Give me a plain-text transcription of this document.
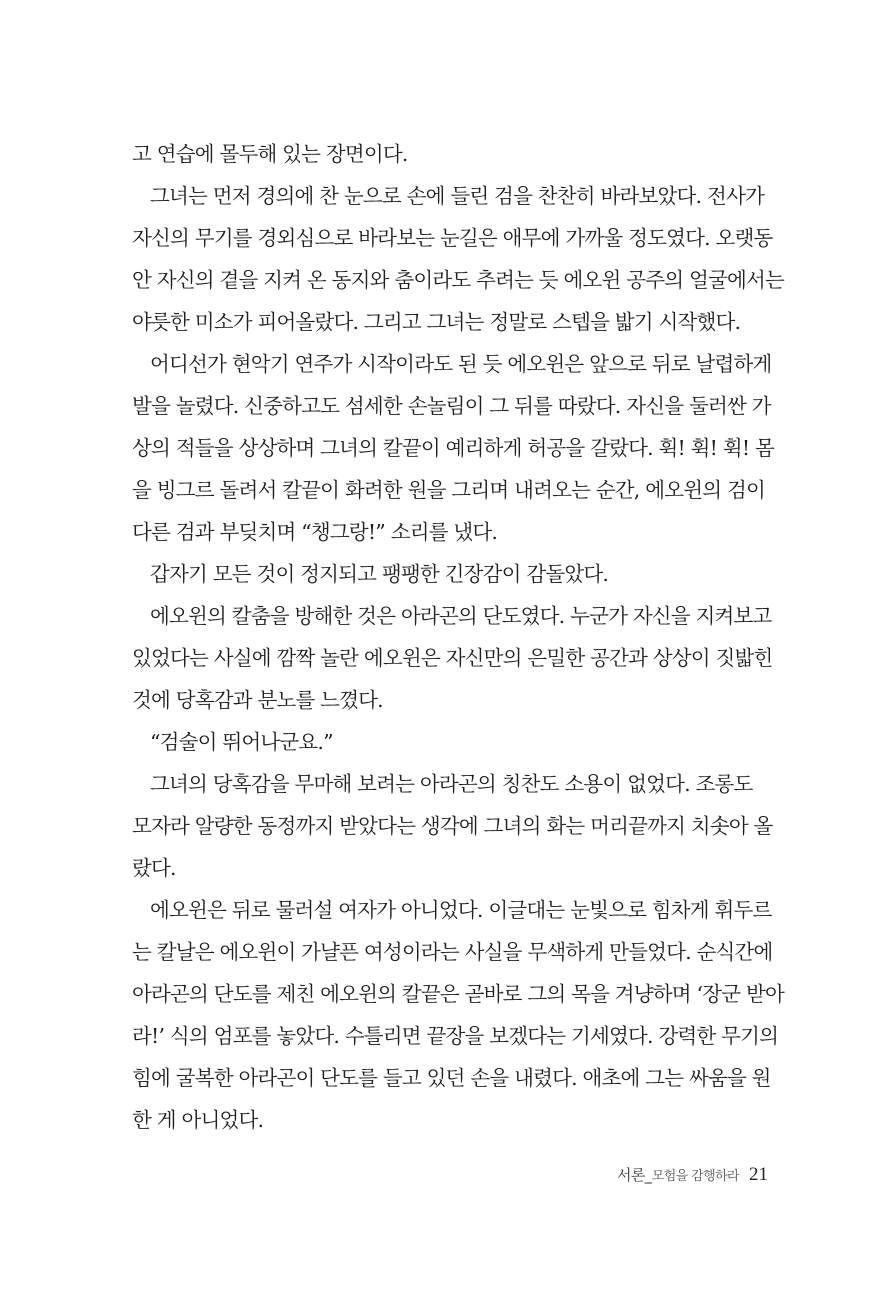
고 연습에 몰두해 있는 장면이다.
그녀는 먼저 경의에 찬 눈으로 손에 들린 검을 찬찬히 바라보았다. 전사가
자신의 무기를 경외심으로 바라보는 눈길은 애무에 가까울 정도였다. 오랫동
안 자신의 곁을 지켜 온 동지와 춤이라도 추려는 듯 에오윈 공주의 얼굴에서는
야릇한 미소가 피어올랐다. 그리고 그녀는 정말로 스텝을 밟기 시작했다.
어디선가 현악기 연주가 시작이라도 된 듯 에오윈은 앞으로 뒤로 날렵하게
발을 놀렸다. 신중하고도 섬세한 손놀림이 그 뒤를 따랐다. 자신을 둘러싼 가
상의 적들을 상상하며 그녀의 칼끝이 예리하게 허공을 갈랐다. 휙! 휙! 휙! 몸
을 빙그르 돌려서 칼끝이 화려한 원을 그리며 내려오는 순간, 에오윈의 검이
다른 검과 부딪치며 “챙그랑!” 소리를 냈다.
갑자기 모든 것이 정지되고 팽팽한 긴장감이 감돌았다.
에오윈의 칼춤을 방해한 것은 아라곤의 단도였다. 누군가 자신을 지켜보고
있었다는 사실에 깜짝 놀란 에오윈은 자신만의 은밀한 공간과 상상이 짓밟힌
것에 당혹감과 분노를 느꼈다.
“검술이 뛰어나군요.”
그녀의 당혹감을 무마해 보려는 아라곤의 칭찬도 소용이 없었다. 조롱도
모자라 알량한 동정까지 받았다는 생각에 그녀의 화는 머리끝까지 치솟아 올
랐다.
에오윈은 뒤로 물러설 여자가 아니었다. 이글대는 눈빛으로 힘차게 휘두르
는 칼날은 에오윈이 가냘픈 여성이라는 사실을 무색하게 만들었다. 순식간에
아라곤의 단도를 제친 에오윈의 칼끝은 곧바로 그의 목을 겨냥하며 ‘장군 받아
라!’ 식의 엄포를 놓았다. 수틀리면 끝장을 보겠다는 기세였다. 강력한 무기의
힘에 굴복한 아라곤이 단도를 들고 있던 손을 내렸다. 애초에 그는 싸움을 원
한 게 아니었다.
서론 _ 모험을 감행하라 21
